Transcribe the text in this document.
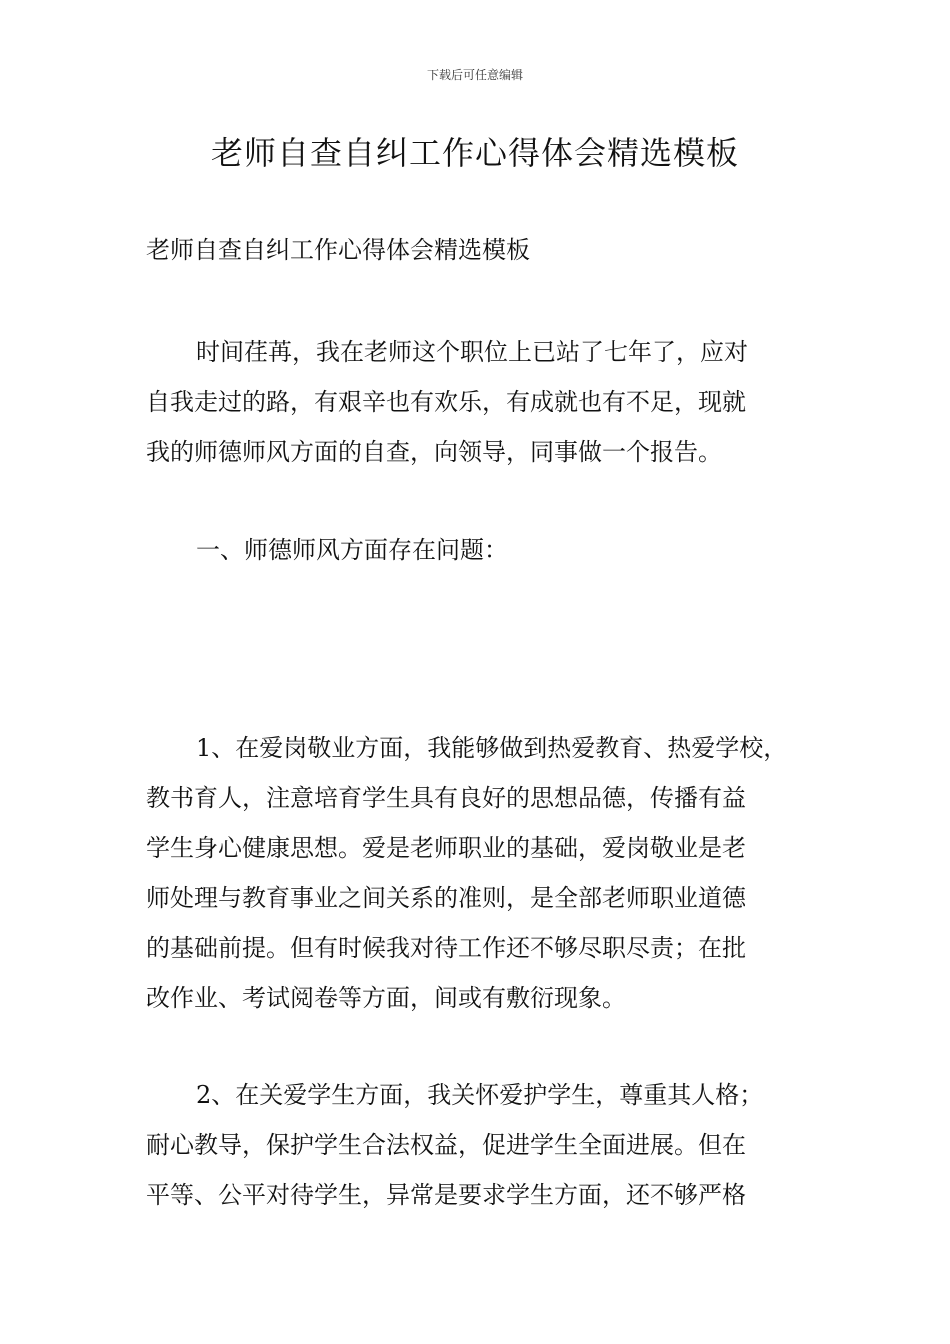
下载后可任意编辑
老师自查自纠工作心得体会精选模板
老师自查自纠工作心得体会精选模板
时间荏苒，我在老师这个职位上已站了七年了，应对
自我走过的路，有艰辛也有欢乐，有成就也有不足，现就
我的师德师风方面的自查，向领导，同事做一个报告。
一、师德师风方面存在问题：
1、在爱岗敬业方面，我能够做到热爱教育、热爱学校，
教书育人，注意培育学生具有良好的思想品德，传播有益
学生身心健康思想。爱是老师职业的基础，爱岗敬业是老
师处理与教育事业之间关系的准则，是全部老师职业道德
的基础前提。但有时候我对待工作还不够尽职尽责；在批
改作业、考试阅卷等方面，间或有敷衍现象。
2、在关爱学生方面，我关怀爱护学生，尊重其人格；
耐心教导，保护学生合法权益，促进学生全面进展。但在
平等、公平对待学生，异常是要求学生方面，还不够严格
